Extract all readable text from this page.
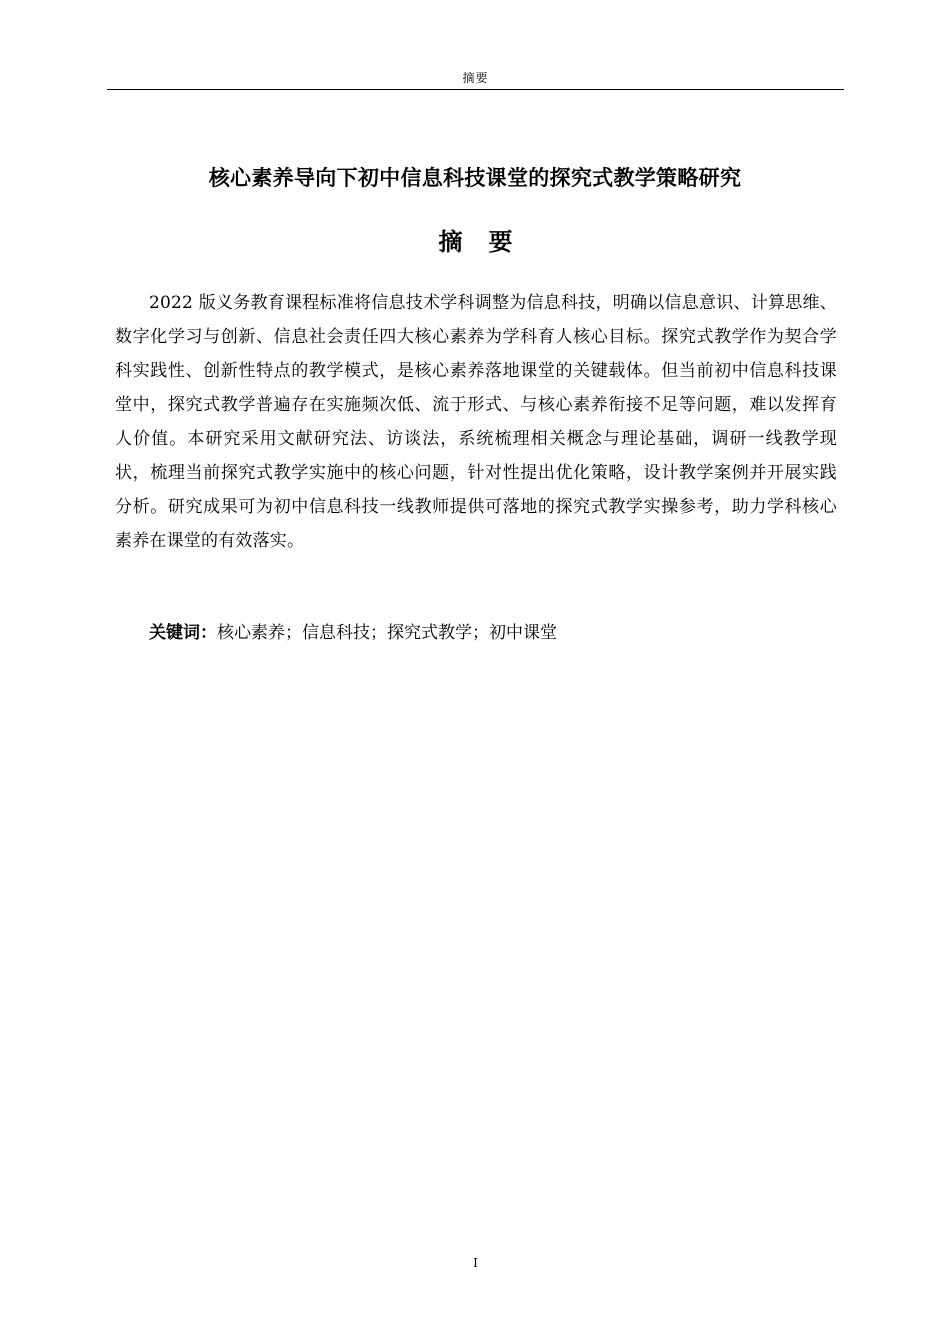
摘要
核心素养导向下初中信息科技课堂的探究式教学策略研究
摘 要

2022 版义务教育课程标准将信息技术学科调整为信息科技，明确以信息意识、计算思维、数字化学习与创新、信息社会责任四大核心素养为学科育人核心目标。探究式教学作为契合学科实践性、创新性特点的教学模式，是核心素养落地课堂的关键载体。但当前初中信息科技课堂中，探究式教学普遍存在实施频次低、流于形式、与核心素养衔接不足等问题，难以发挥育人价值。本研究采用文献研究法、访谈法，系统梳理相关概念与理论基础，调研一线教学现状，梳理当前探究式教学实施中的核心问题，针对性提出优化策略，设计教学案例并开展实践分析。研究成果可为初中信息科技一线教师提供可落地的探究式教学实操参考，助力学科核心素养在课堂的有效落实。

关键词：核心素养；信息科技；探究式教学；初中课堂

I
